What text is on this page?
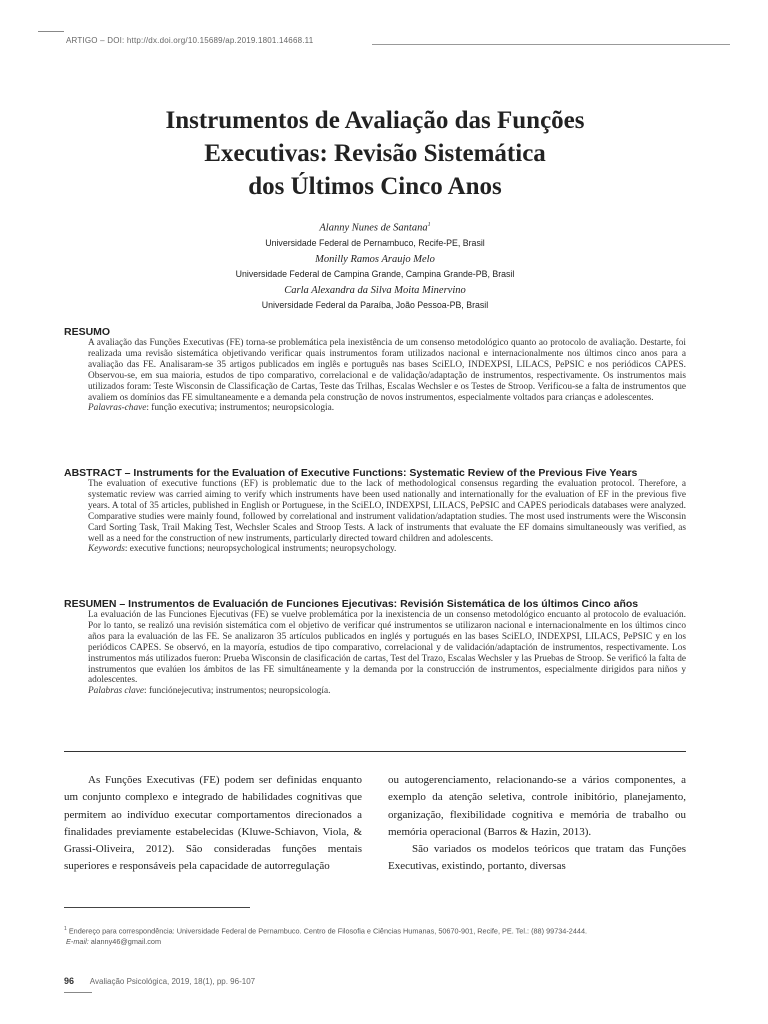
ARTIGO – DOI: http://dx.doi.org/10.15689/ap.2019.1801.14668.11
Instrumentos de Avaliação das Funções
Executivas: Revisão Sistemática
dos Últimos Cinco Anos
Alanny Nunes de Santana$^1$
Universidade Federal de Pernambuco, Recife-PE, Brasil
Monilly Ramos Araujo Melo
Universidade Federal de Campina Grande, Campina Grande-PB, Brasil
Carla Alexandra da Silva Moita Minervino
Universidade Federal da Paraíba, João Pessoa-PB, Brasil
RESUMO

A avaliação das Funções Executivas (FE) torna-se problemática pela inexistência de um consenso metodológico quanto ao protocolo de avaliação. Destarte, foi realizada uma revisão sistemática objetivando verificar quais instrumentos foram utilizados nacional e internacionalmente nos últimos cinco anos para a avaliação das FE. Analisaram-se 35 artigos publicados em inglês e português nas bases SciELO, INDEXPSI, LILACS, PePSIC e nos periódicos CAPES. Observou-se, em sua maioria, estudos de tipo comparativo, correlacional e de validação/adaptação de instrumentos, respectivamente. Os instrumentos mais utilizados foram: Teste Wisconsin de Classificação de Cartas, Teste das Trilhas, Escalas Wechsler e os Testes de Stroop. Verificou-se a falta de instrumentos que avaliem os domínios das FE simultaneamente e a demanda pela construção de novos instrumentos, especialmente voltados para crianças e adolescentes.

Palavras-chave: função executiva; instrumentos; neuropsicologia.
ABSTRACT – Instruments for the Evaluation of Executive Functions: Systematic Review of the Previous Five Years

The evaluation of executive functions (EF) is problematic due to the lack of methodological consensus regarding the evaluation protocol. Therefore, a systematic review was carried aiming to verify which instruments have been used nationally and internationally for the evaluation of EF in the previous five years. A total of 35 articles, published in English or Portuguese, in the SciELO, INDEXPSI, LILACS, PePSIC and CAPES periodicals databases were analyzed. Comparative studies were mainly found, followed by correlational and instrument validation/adaptation studies. The most used instruments were the Wisconsin Card Sorting Task, Trail Making Test, Wechsler Scales and Stroop Tests. A lack of instruments that evaluate the EF domains simultaneously was verified, as well as a need for the construction of new instruments, particularly directed toward children and adolescents.

Keywords: executive functions; neuropsychological instruments; neuropsychology.
RESUMEN – Instrumentos de Evaluación de Funciones Ejecutivas: Revisión Sistemática de los últimos Cinco años

La evaluación de las Funciones Ejecutivas (FE) se vuelve problemática por la inexistencia de un consenso metodológico encuanto al protocolo de evaluación. Por lo tanto, se realizó una revisión sistemática com el objetivo de verificar qué instrumentos se utilizaron nacional e internacionalmente en los últimos cinco años para la evaluación de las FE. Se analizaron 35 artículos publicados en inglés y portugués en las bases SciELO, INDEXPSI, LILACS, PePSIC y en los periódicos CAPES. Se observó, en la mayoría, estudios de tipo comparativo, correlacional y de validación/adaptación de instrumentos, respectivamente. Los instrumentos más utilizados fueron: Prueba Wisconsin de clasificación de cartas, Test del Trazo, Escalas Wechsler y las Pruebas de Stroop. Se verificó la falta de instrumentos que evalúen los ámbitos de las FE simultáneamente y la demanda por la construcción de instrumentos, especialmente dirigidos para niños y adolescentes.

Palabras clave: funciónejecutiva; instrumentos; neuropsicología.

As Funções Executivas (FE) podem ser definidas enquanto um conjunto complexo e integrado de habilidades cognitivas que permitem ao indivíduo executar comportamentos direcionados a finalidades previamente estabelecidas (Kluwe-Schiavon, Viola, & Grassi-Oliveira, 2012). São consideradas funções mentais superiores e responsáveis pela capacidade de autorregulação

ou autogerenciamento, relacionando-se a vários componentes, a exemplo da atenção seletiva, controle inibitório, planejamento, organização, flexibilidade cognitiva e memória de trabalho ou memória operacional (Barros & Hazin, 2013).

São variados os modelos teóricos que tratam das Funções Executivas, existindo, portanto, diversas

$^1$ Endereço para correspondência: Universidade Federal de Pernambuco. Centro de Filosofia e Ciências Humanas, 50670-901, Recife, PE. Tel.: (88) 99734-2444.
E-mail: alanny46@gmail.com
96 Avaliação Psicológica, 2019, 18(1), pp. 96-107
